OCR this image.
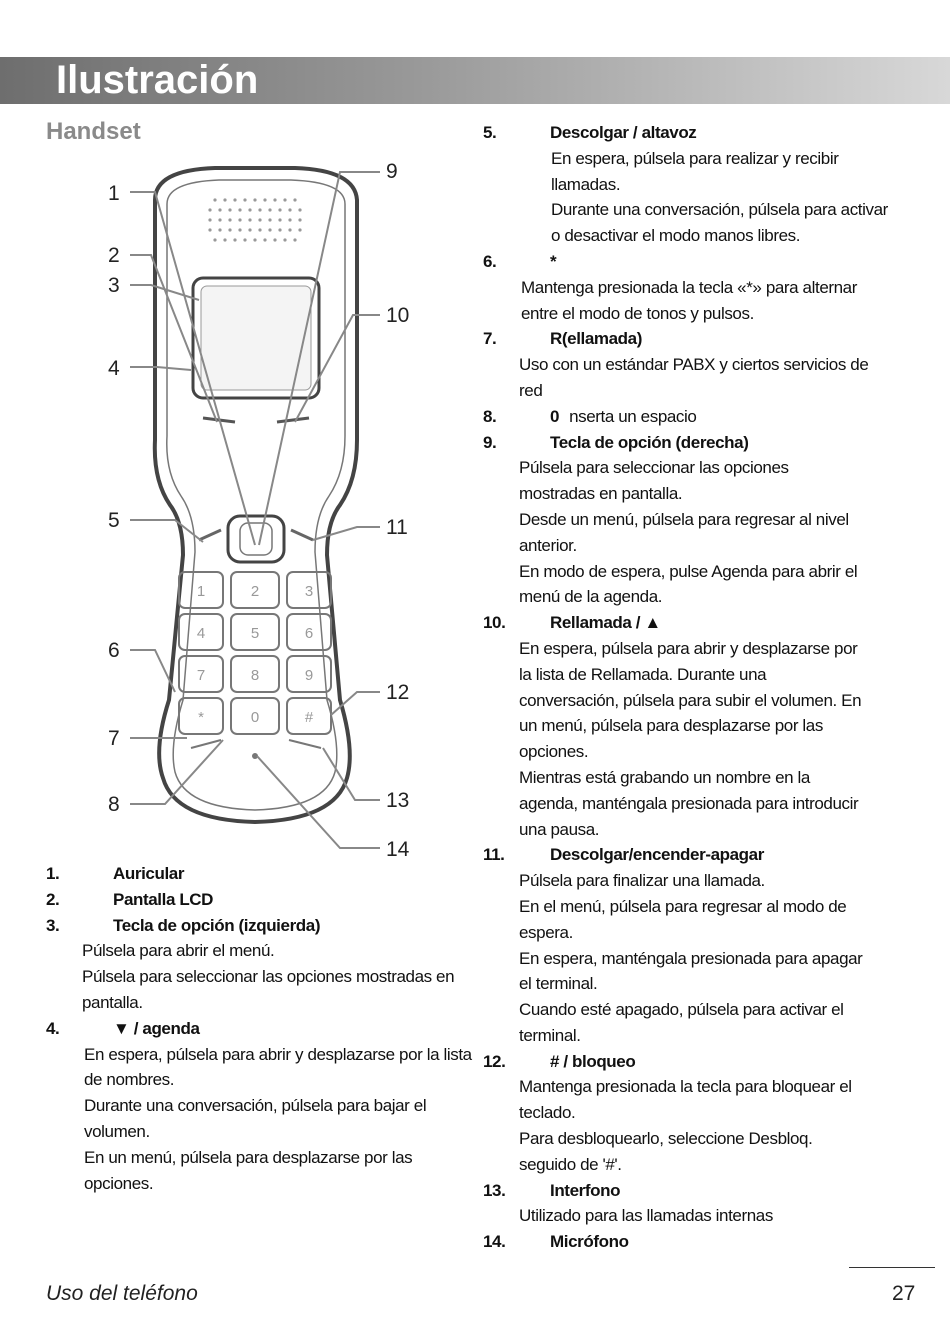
Ilustración
Handset
1	2	3
4	5	6
7	8	9
*	0	#
1
2
3
4
5
6
7
8
9
10
11
12
13
14
1.	Auricular
2.	Pantalla LCD
3.	Tecla de opción (izquierda)

Púlsela para abrir el menú.

Púlsela para seleccionar las opciones mostradas en

pantalla.

4.	▼ / agenda

En espera, púlsela para abrir y desplazarse por la lista

de nombres.

Durante una conversación, púlsela para bajar el

volumen.

En un menú, púlsela para desplazarse por las

opciones.

5.	Descolgar / altavoz

En espera, púlsela para realizar y recibir

llamadas.

Durante una conversación, púlsela para activar

o desactivar el modo manos libres.

6.	*

Mantenga presionada la tecla «*» para alternar

entre el modo de tonos y pulsos.

7.	R(ellamada)

Uso con un estándar PABX y ciertos servicios de

red

8.	0 nserta un espacio
9.	Tecla de opción (derecha)

Púlsela para seleccionar las opciones

mostradas en pantalla.

Desde un menú, púlsela para regresar al nivel

anterior.

En modo de espera, pulse Agenda para abrir el

menú de la agenda.

10.	Rellamada / ▲

En espera, púlsela para abrir y desplazarse por

la lista de Rellamada. Durante una

conversación, púlsela para subir el volumen. En

un menú, púlsela para desplazarse por las

opciones.

Mientras está grabando un nombre en la

agenda, manténgala presionada para introducir

una pausa.

11.	Descolgar/encender-apagar

Púlsela para finalizar una llamada.

En el menú, púlsela para regresar al modo de

espera.

En espera, manténgala presionada para apagar

el terminal.

Cuando esté apagado, púlsela para activar el

terminal.

12.	# / bloqueo

Mantenga presionada la tecla para bloquear el

teclado.

Para desbloquearlo, seleccione Desbloq.

seguido de '#'.

13.	Interfono

Utilizado para las llamadas internas

14.	Micrófono
Uso del teléfono	27
